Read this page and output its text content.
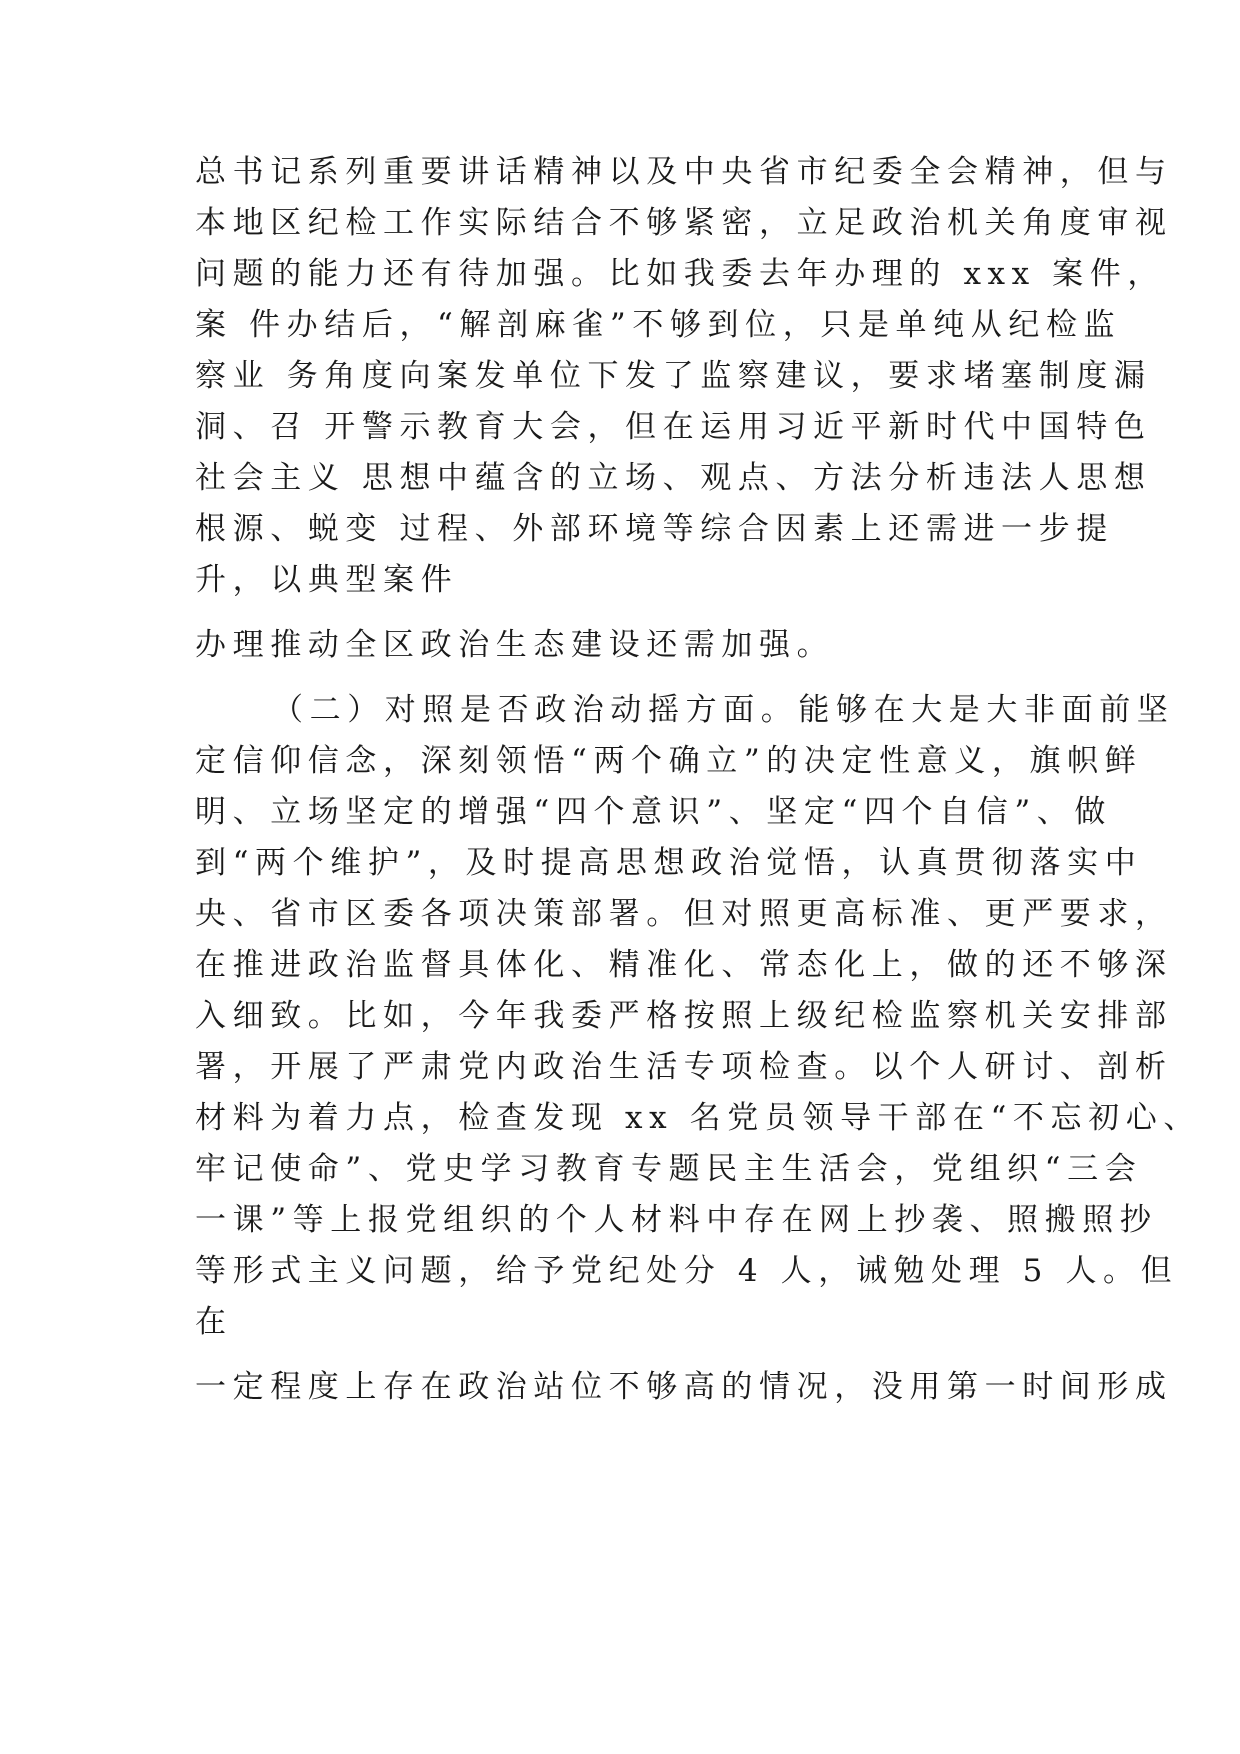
总书记系列重要讲话精神以及中央省市纪委全会精神，但与
本地区纪检工作实际结合不够紧密，立足政治机关角度审视
问题的能力还有待加强。比如我委去年办理的 xxx 案件，
案 件办结后，“解剖麻雀”不够到位，只是单纯从纪检监
察业 务角度向案发单位下发了监察建议，要求堵塞制度漏
洞、召 开警示教育大会，但在运用习近平新时代中国特色
社会主义 思想中蕴含的立场、观点、方法分析违法人思想
根源、蜕变 过程、外部环境等综合因素上还需进一步提
升，以典型案件
办理推动全区政治生态建设还需加强。
（二）对照是否政治动摇方面。能够在大是大非面前坚
定信仰信念，深刻领悟“两个确立”的决定性意义，旗帜鲜
明、立场坚定的增强“四个意识”、坚定“四个自信”、做
到“两个维护”，及时提高思想政治觉悟，认真贯彻落实中
央、省市区委各项决策部署。但对照更高标准、更严要求，
在推进政治监督具体化、精准化、常态化上，做的还不够深
入细致。比如，今年我委严格按照上级纪检监察机关安排部
署，开展了严肃党内政治生活专项检查。以个人研讨、剖析
材料为着力点，检查发现 xx 名党员领导干部在“不忘初心、
牢记使命”、党史学习教育专题民主生活会，党组织“三会
一课”等上报党组织的个人材料中存在网上抄袭、照搬照抄
等形式主义问题，给予党纪处分 4 人，诫勉处理 5 人。但
在
一定程度上存在政治站位不够高的情况，没用第一时间形成
